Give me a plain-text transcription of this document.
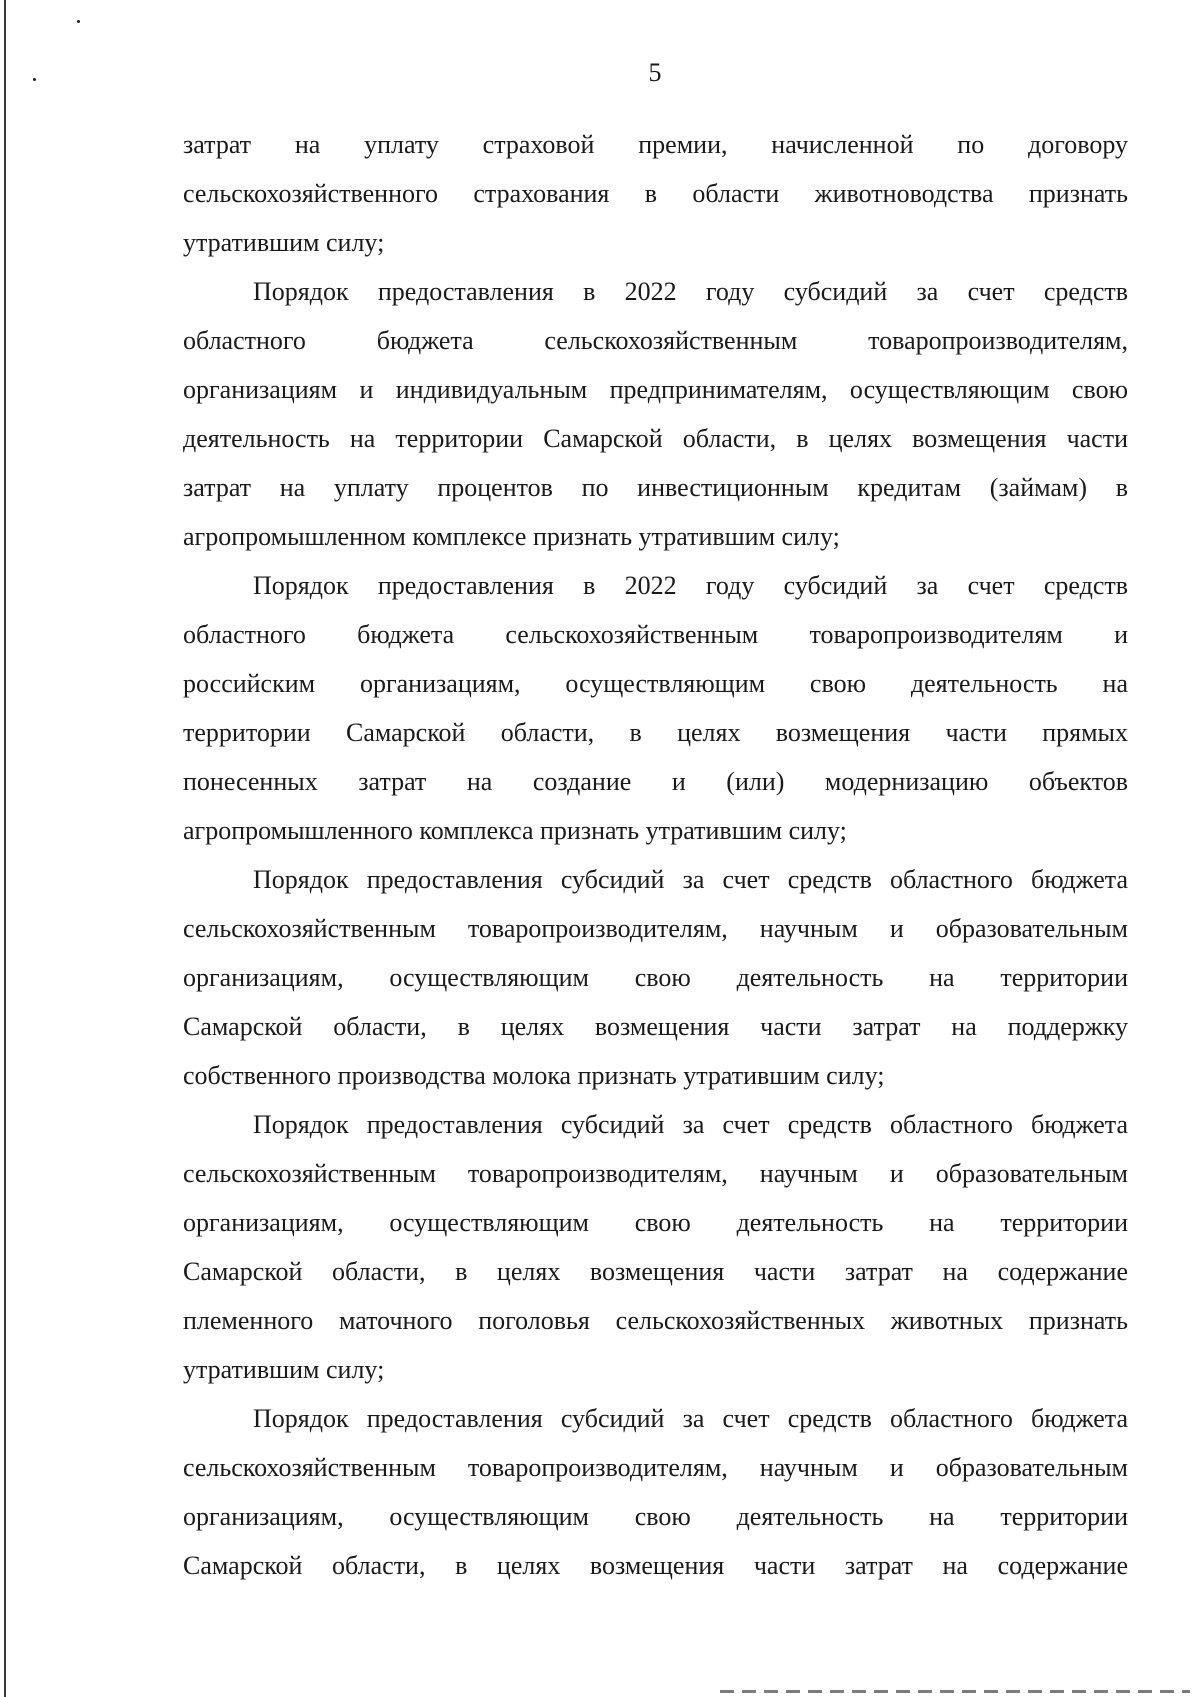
5

затрат на уплату страховой премии, начисленной по договору
сельскохозяйственного страхования в области животноводства признать
утратившим силу;

Порядок предоставления в 2022 году субсидий за счет средств
областного бюджета сельскохозяйственным товаропроизводителям,
организациям и индивидуальным предпринимателям, осуществляющим свою
деятельность на территории Самарской области, в целях возмещения части
затрат на уплату процентов по инвестиционным кредитам (займам) в
агропромышленном комплексе признать утратившим силу;

Порядок предоставления в 2022 году субсидий за счет средств
областного бюджета сельскохозяйственным товаропроизводителям и
российским организациям, осуществляющим свою деятельность на
территории Самарской области, в целях возмещения части прямых
понесенных затрат на создание и (или) модернизацию объектов
агропромышленного комплекса признать утратившим силу;

Порядок предоставления субсидий за счет средств областного бюджета
сельскохозяйственным товаропроизводителям, научным и образовательным
организациям, осуществляющим свою деятельность на территории
Самарской области, в целях возмещения части затрат на поддержку
собственного производства молока признать утратившим силу;

Порядок предоставления субсидий за счет средств областного бюджета
сельскохозяйственным товаропроизводителям, научным и образовательным
организациям, осуществляющим свою деятельность на территории
Самарской области, в целях возмещения части затрат на содержание
племенного маточного поголовья сельскохозяйственных животных признать
утратившим силу;

Порядок предоставления субсидий за счет средств областного бюджета
сельскохозяйственным товаропроизводителям, научным и образовательным
организациям, осуществляющим свою деятельность на территории
Самарской области, в целях возмещения части затрат на содержание
